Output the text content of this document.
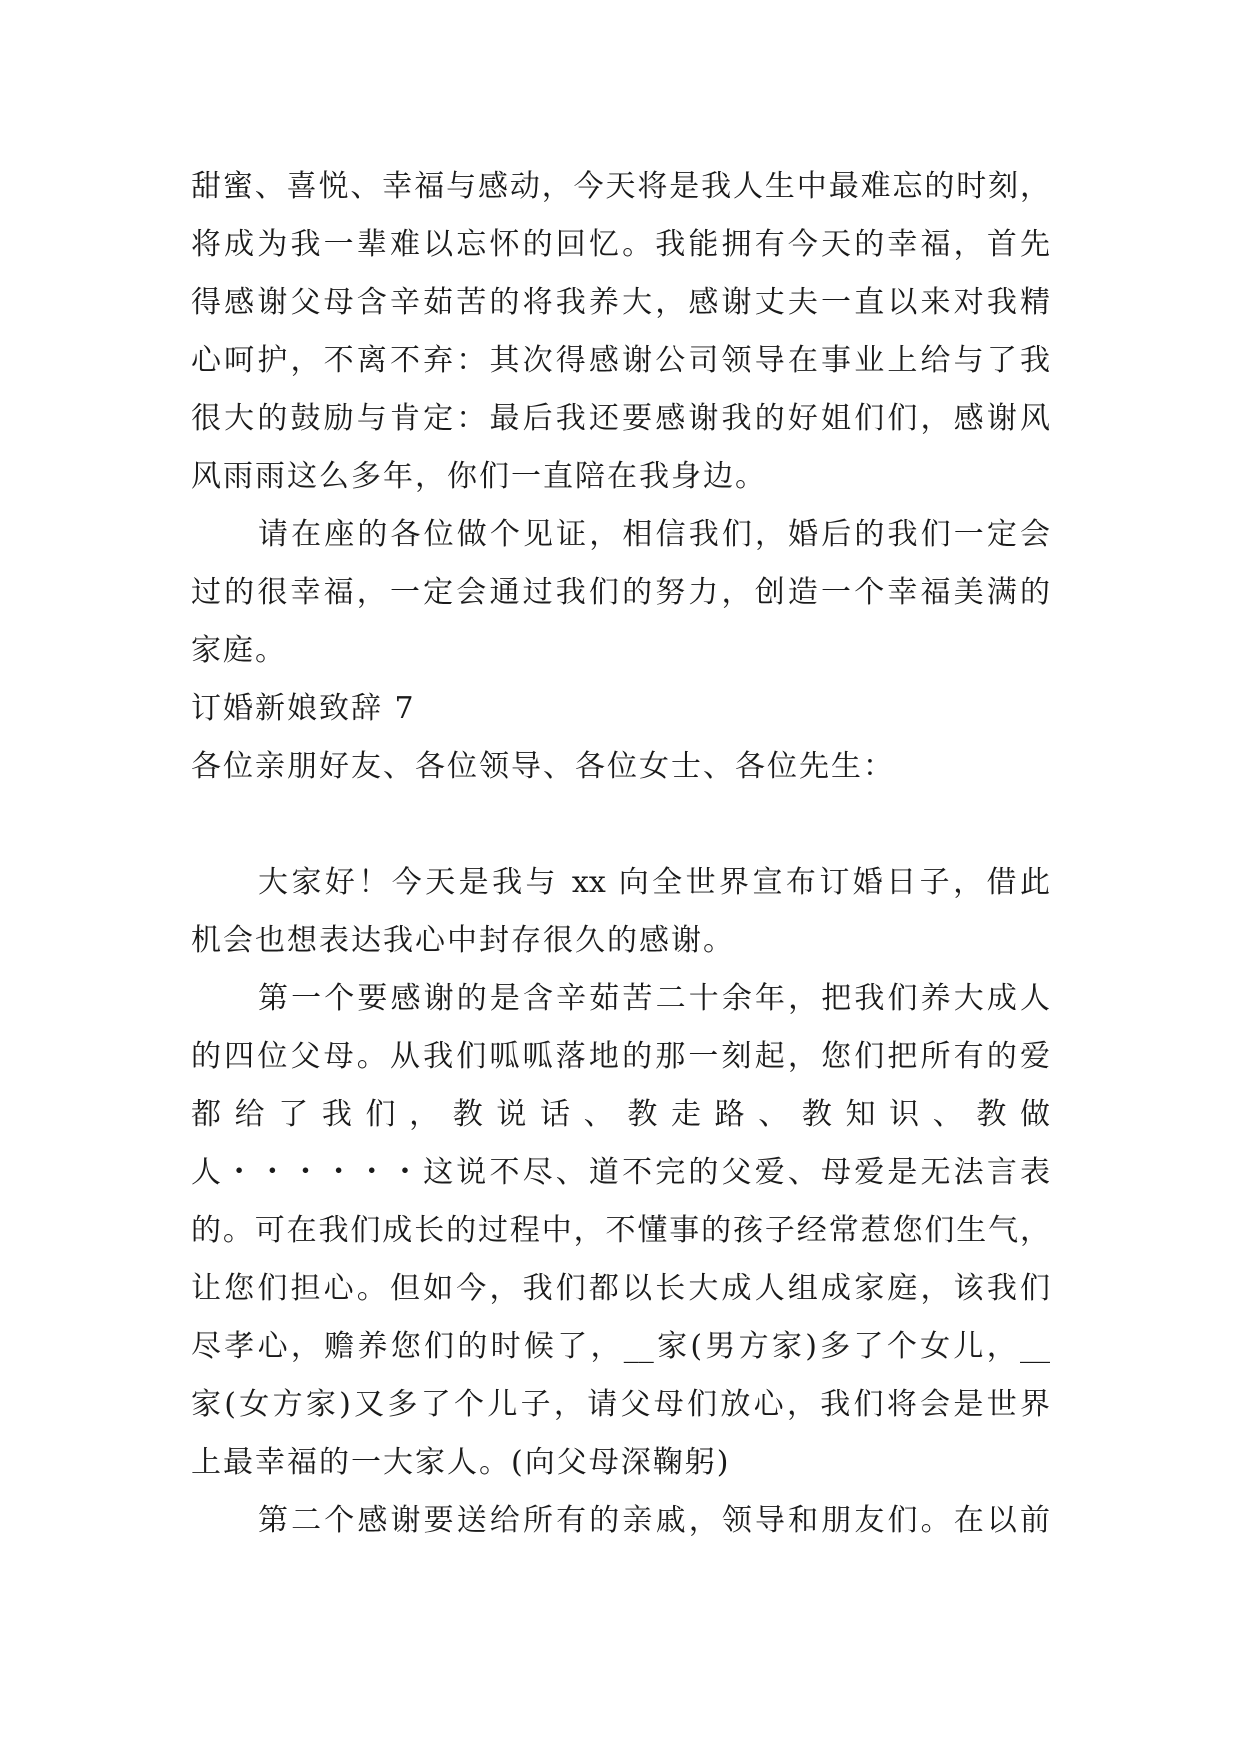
甜蜜、喜悦、幸福与感动，今天将是我人生中最难忘的时刻，
将成为我一辈难以忘怀的回忆。我能拥有今天的幸福，首先
得感谢父母含辛茹苦的将我养大，感谢丈夫一直以来对我精
心呵护，不离不弃：其次得感谢公司领导在事业上给与了我
很大的鼓励与肯定：最后我还要感谢我的好姐们们，感谢风
风雨雨这么多年，你们一直陪在我身边。
请在座的各位做个见证，相信我们，婚后的我们一定会
过的很幸福，一定会通过我们的努力，创造一个幸福美满的
家庭。
订婚新娘致辞 7
各位亲朋好友、各位领导、各位女士、各位先生：
大家好！今天是我与 xx 向全世界宣布订婚日子，借此
机会也想表达我心中封存很久的感谢。
第一个要感谢的是含辛茹苦二十余年，把我们养大成人
的四位父母。从我们呱呱落地的那一刻起，您们把所有的爱
都 给 了 我 们 ， 教 说 话 、 教 走 路 、 教 知 识 、 教 做
人・・・・・・这说不尽、道不完的父爱、母爱是无法言表
的。可在我们成长的过程中，不懂事的孩子经常惹您们生气，
让您们担心。但如今，我们都以长大成人组成家庭，该我们
尽孝心，赡养您们的时候了，__家(男方家)多了个女儿，__
家(女方家)又多了个儿子，请父母们放心，我们将会是世界
上最幸福的一大家人。(向父母深鞠躬)
第二个感谢要送给所有的亲戚，领导和朋友们。在以前
